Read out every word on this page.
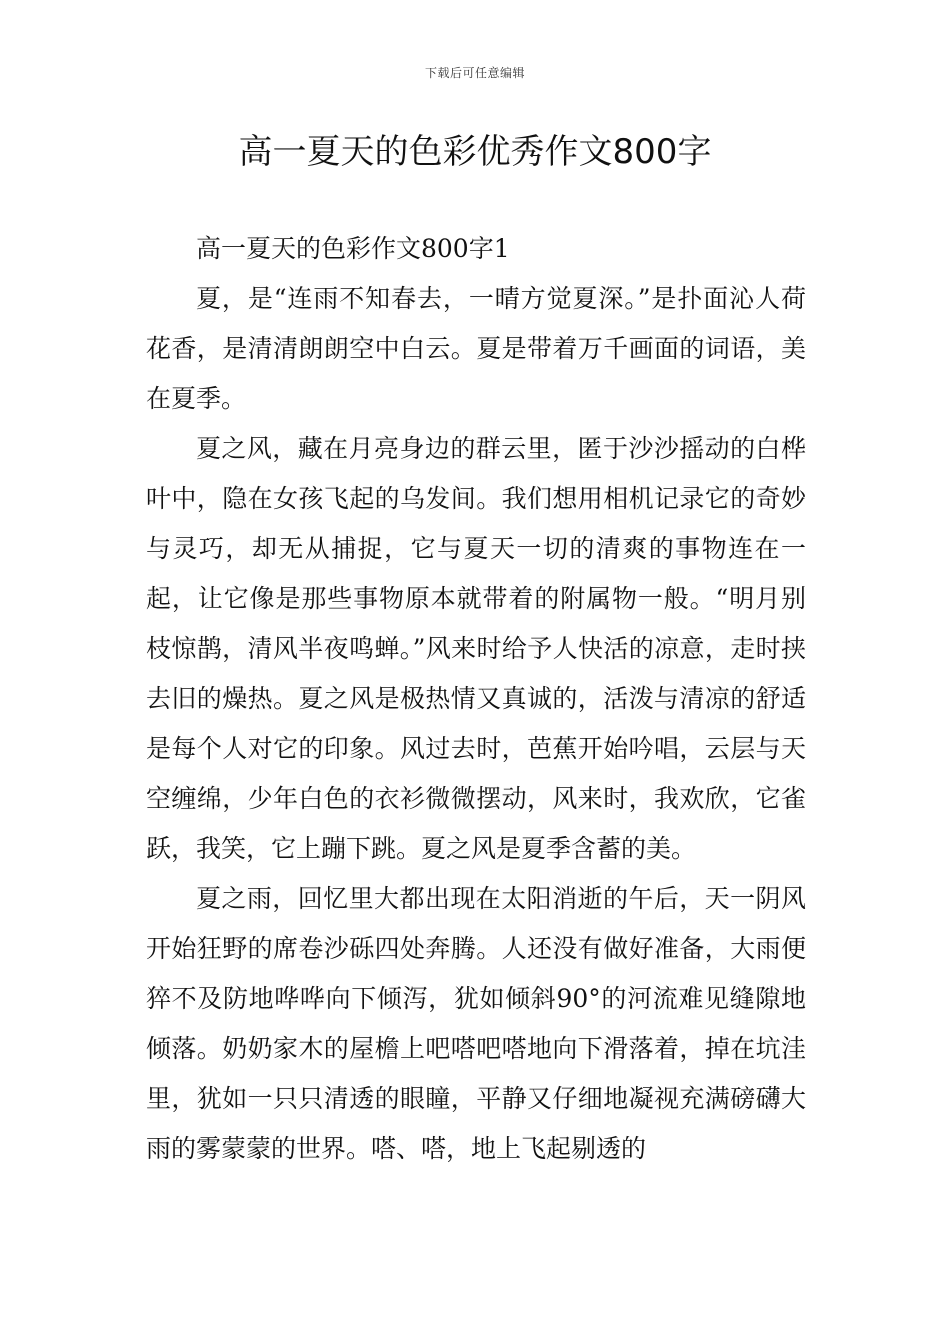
下载后可任意编辑
高一夏天的色彩优秀作文800字

高一夏天的色彩作文800字1

夏，是“连雨不知春去，一晴方觉夏深。”是扑面沁人荷花香，是清清朗朗空中白云。夏是带着万千画面的词语，美在夏季。

夏之风，藏在月亮身边的群云里，匿于沙沙摇动的白桦叶中，隐在女孩飞起的乌发间。我们想用相机记录它的奇妙与灵巧，却无从捕捉，它与夏天一切的清爽的事物连在一起，让它像是那些事物原本就带着的附属物一般。“明月别枝惊鹊，清风半夜鸣蝉。”风来时给予人快活的凉意，走时挟去旧的燥热。夏之风是极热情又真诚的，活泼与清凉的舒适是每个人对它的印象。风过去时，芭蕉开始吟唱，云层与天空缠绵，少年白色的衣衫微微摆动，风来时，我欢欣，它雀跃，我笑，它上蹦下跳。夏之风是夏季含蓄的美。

夏之雨，回忆里大都出现在太阳消逝的午后，天一阴风开始狂野的席卷沙砾四处奔腾。人还没有做好准备，大雨便猝不及防地哗哗向下倾泻，犹如倾斜90°的河流难见缝隙地倾落。奶奶家木的屋檐上吧嗒吧嗒地向下滑落着，掉在坑洼里，犹如一只只清透的眼瞳，平静又仔细地凝视充满磅礴大雨的雾蒙蒙的世界。嗒、嗒，地上飞起剔透的
